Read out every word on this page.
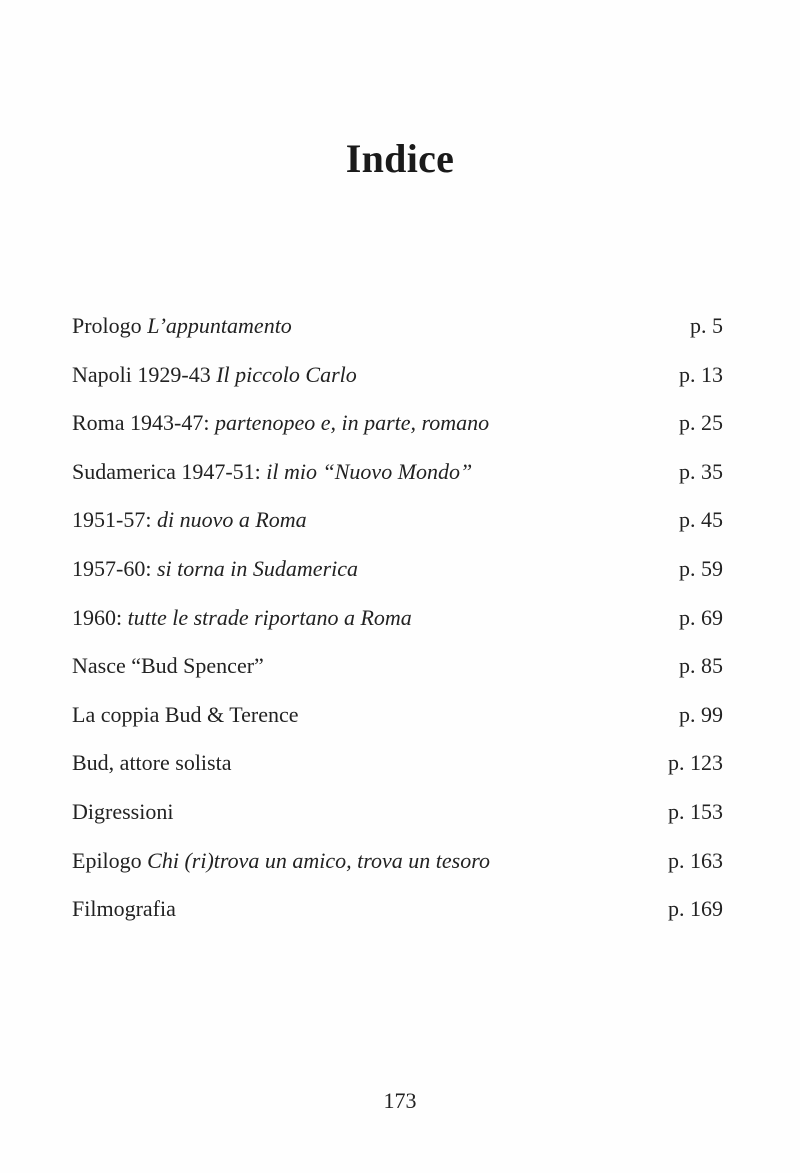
Indice
Prologo L’appuntamento	p. 5
Napoli 1929-43 Il piccolo Carlo	p. 13
Roma 1943-47: partenopeo e, in parte, romano	p. 25
Sudamerica 1947-51: il mio “Nuovo Mondo”	p. 35
1951-57: di nuovo a Roma	p. 45
1957-60: si torna in Sudamerica	p. 59
1960: tutte le strade riportano a Roma	p. 69
Nasce “Bud Spencer”	p. 85
La coppia Bud & Terence	p. 99
Bud, attore solista	p. 123
Digressioni	p. 153
Epilogo Chi (ri)trova un amico, trova un tesoro	p. 163
Filmografia	p. 169
173
